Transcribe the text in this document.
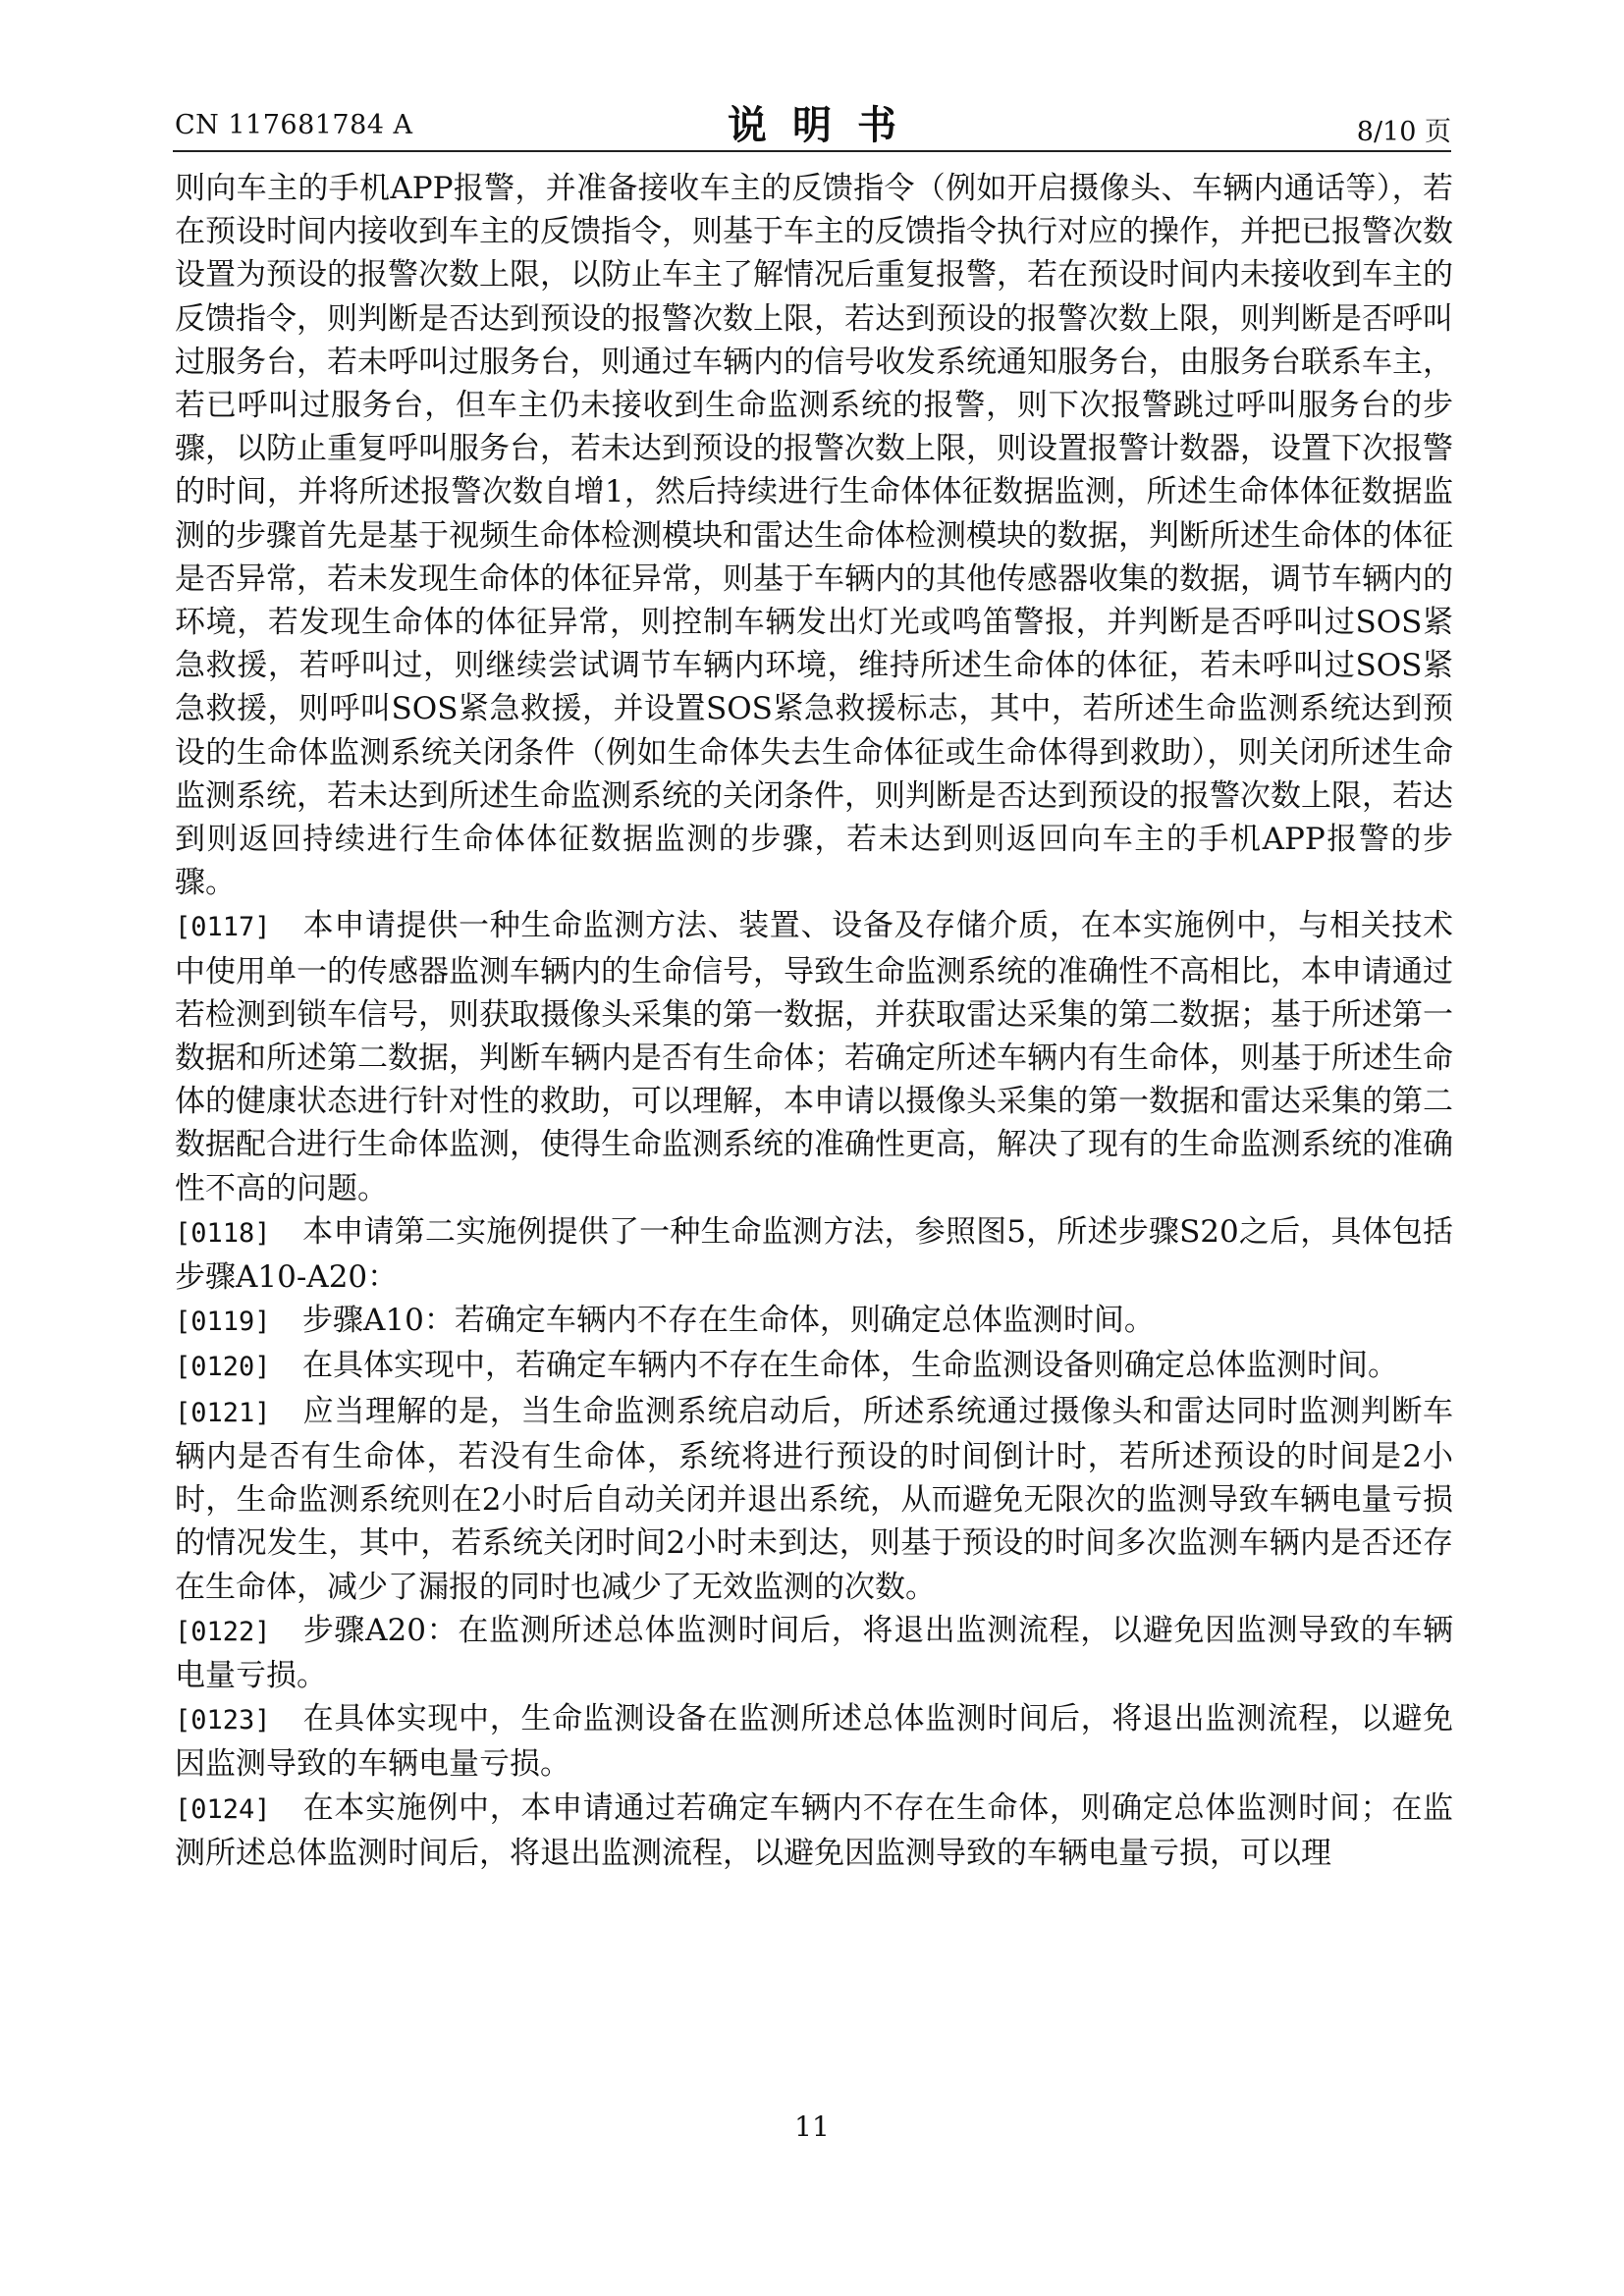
CN 117681784 A	说明书	8/10 页

则向车主的手机APP报警，并准备接收车主的反馈指令（例如开启摄像头、车辆内通话等），若在预设时间内接收到车主的反馈指令，则基于车主的反馈指令执行对应的操作，并把已报警次数设置为预设的报警次数上限，以防止车主了解情况后重复报警，若在预设时间内未接收到车主的反馈指令，则判断是否达到预设的报警次数上限，若达到预设的报警次数上限，则判断是否呼叫过服务台，若未呼叫过服务台，则通过车辆内的信号收发系统通知服务台，由服务台联系车主，若已呼叫过服务台，但车主仍未接收到生命监测系统的报警，则下次报警跳过呼叫服务台的步骤，以防止重复呼叫服务台，若未达到预设的报警次数上限，则设置报警计数器，设置下次报警的时间，并将所述报警次数自增1，然后持续进行生命体体征数据监测，所述生命体体征数据监测的步骤首先是基于视频生命体检测模块和雷达生命体检测模块的数据，判断所述生命体的体征是否异常，若未发现生命体的体征异常，则基于车辆内的其他传感器收集的数据，调节车辆内的环境，若发现生命体的体征异常，则控制车辆发出灯光或鸣笛警报，并判断是否呼叫过SOS紧急救援，若呼叫过，则继续尝试调节车辆内环境，维持所述生命体的体征，若未呼叫过SOS紧急救援，则呼叫SOS紧急救援，并设置SOS紧急救援标志，其中，若所述生命监测系统达到预设的生命体监测系统关闭条件（例如生命体失去生命体征或生命体得到救助），则关闭所述生命监测系统，若未达到所述生命监测系统的关闭条件，则判断是否达到预设的报警次数上限，若达到则返回持续进行生命体体征数据监测的步骤，若未达到则返回向车主的手机APP报警的步骤。

[0117] 本申请提供一种生命监测方法、装置、设备及存储介质，在本实施例中，与相关技术中使用单一的传感器监测车辆内的生命信号，导致生命监测系统的准确性不高相比，本申请通过若检测到锁车信号，则获取摄像头采集的第一数据，并获取雷达采集的第二数据；基于所述第一数据和所述第二数据，判断车辆内是否有生命体；若确定所述车辆内有生命体，则基于所述生命体的健康状态进行针对性的救助，可以理解，本申请以摄像头采集的第一数据和雷达采集的第二数据配合进行生命体监测，使得生命监测系统的准确性更高，解决了现有的生命监测系统的准确性不高的问题。

[0118] 本申请第二实施例提供了一种生命监测方法，参照图5，所述步骤S20之后，具体包括步骤A10-A20：

[0119] 步骤A10：若确定车辆内不存在生命体，则确定总体监测时间。

[0120] 在具体实现中，若确定车辆内不存在生命体，生命监测设备则确定总体监测时间。

[0121] 应当理解的是，当生命监测系统启动后，所述系统通过摄像头和雷达同时监测判断车辆内是否有生命体，若没有生命体，系统将进行预设的时间倒计时，若所述预设的时间是2小时，生命监测系统则在2小时后自动关闭并退出系统，从而避免无限次的监测导致车辆电量亏损的情况发生，其中，若系统关闭时间2小时未到达，则基于预设的时间多次监测车辆内是否还存在生命体，减少了漏报的同时也减少了无效监测的次数。

[0122] 步骤A20：在监测所述总体监测时间后，将退出监测流程，以避免因监测导致的车辆电量亏损。

[0123] 在具体实现中，生命监测设备在监测所述总体监测时间后，将退出监测流程，以避免因监测导致的车辆电量亏损。

[0124] 在本实施例中，本申请通过若确定车辆内不存在生命体，则确定总体监测时间；在监测所述总体监测时间后，将退出监测流程，以避免因监测导致的车辆电量亏损，可以理

11
